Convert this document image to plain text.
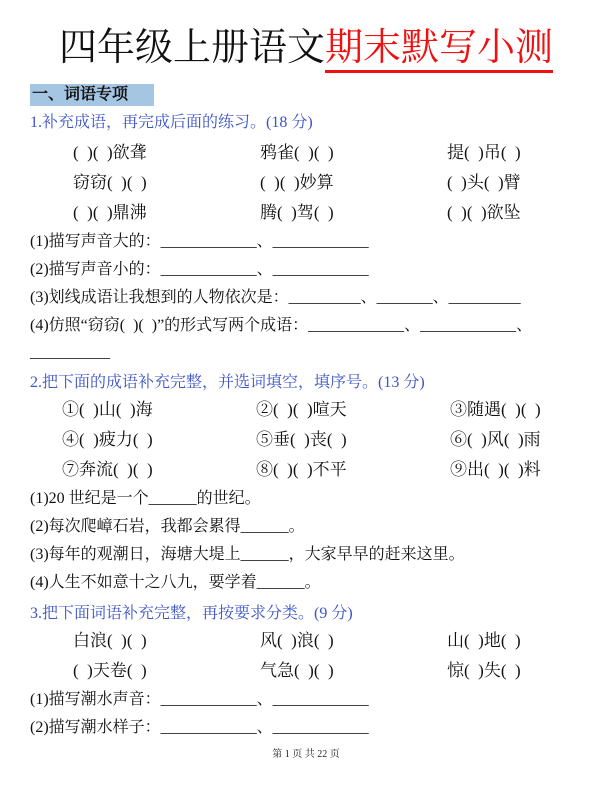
四年级上册语文期末默写小测
一、词语专项
1.补充成语，再完成后面的练习。(18 分)
(  )(  )欲聋	鸦雀(  )(  )	提(  )吊(  )
窃窃(  )(  )	(  )(  )妙算	(  )头(  )臂
(  )(  )鼎沸	腾(  )驾(  )	(  )(  )欲坠
(1)描写声音大的：____________、____________
(2)描写声音小的：____________、____________
(3)划线成语让我想到的人物依次是：_________、_______、_________
(4)仿照“窃窃(  )(  )”的形式写两个成语：____________、____________、
__________
2.把下面的成语补充完整，并选词填空，填序号。(13 分)
①(  )山(  )海	②(  )(  )喧天	③随遇(  )(  )
④(  )疲力(  )	⑤垂(  )丧(  )	⑥(  )风(  )雨
⑦奔流(  )(  )	⑧(  )(  )不平	⑨出(  )(  )料
(1)20 世纪是一个______的世纪。
(2)每次爬嶂石岩，我都会累得______。
(3)每年的观潮日，海塘大堤上______，大家早早的赶来这里。
(4)人生不如意十之八九，要学着______。
3.把下面词语补充完整，再按要求分类。(9 分)
白浪(  )(  )	风(  )浪(  )	山(  )地(  )
(  )天卷(  )	气急(  )(  )	惊(  )失(  )
(1)描写潮水声音：____________、____________
(2)描写潮水样子：____________、____________
第 1 页 共 22 页
